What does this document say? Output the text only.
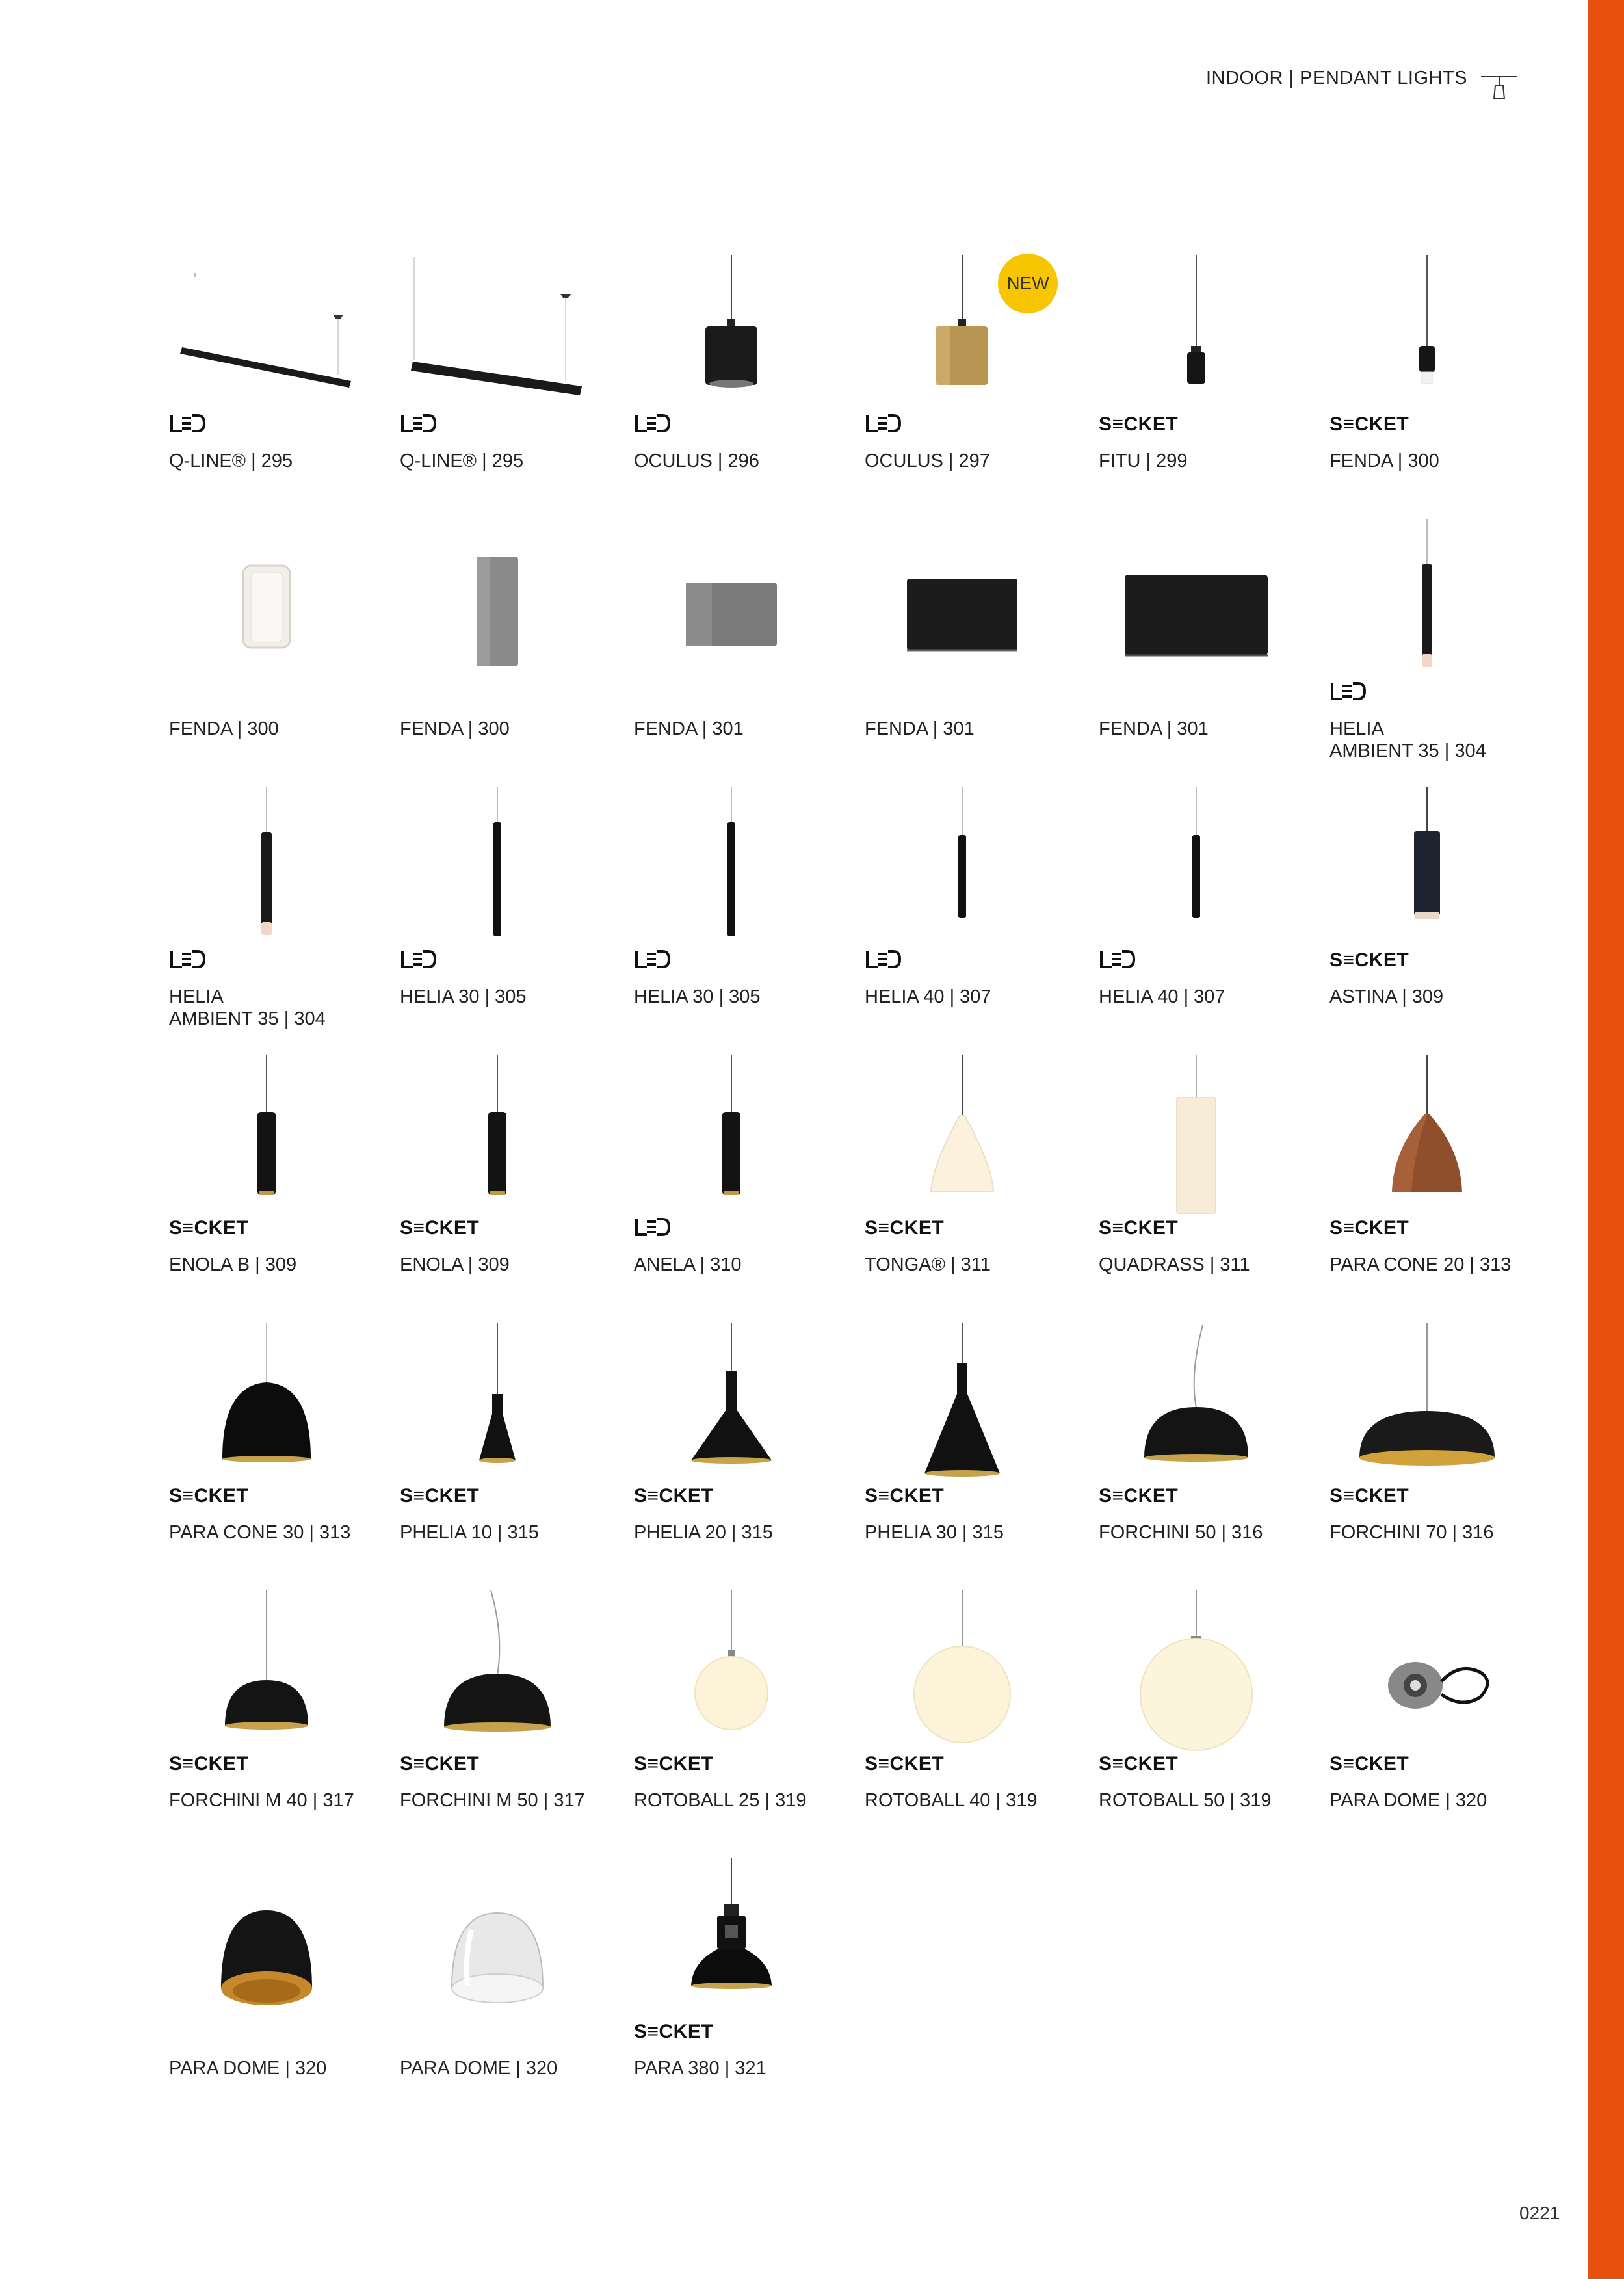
INDOOR | PENDANT LIGHTS
Q-LINE® | 295	Q-LINE® | 295	OCULUS | 296	OCULUS | 297
S≡CKET
FITU | 299
S≡CKET
FENDA | 300
FENDA | 300	FENDA | 300	FENDA | 301	FENDA | 301	FENDA | 301	HELIA
AMBIENT 35 | 304
HELIA
AMBIENT 35 | 304
HELIA 30 | 305	HELIA 30 | 305	HELIA 40 | 307	HELIA 40 | 307
S≡CKET
ASTINA | 309
S≡CKET
ENOLA B | 309
S≡CKET
ENOLA | 309	ANELA | 310
S≡CKET
TONGA® | 311
S≡CKET
QUADRASS | 311
S≡CKET
PARA CONE 20 | 313
S≡CKET
PARA CONE 30 | 313
S≡CKET
PHELIA 10 | 315
S≡CKET
PHELIA 20 | 315
S≡CKET
PHELIA 30 | 315
S≡CKET
FORCHINI 50 | 316
S≡CKET
FORCHINI 70 | 316
S≡CKET
FORCHINI M 40 | 317
S≡CKET
FORCHINI M 50 | 317
S≡CKET
ROTOBALL 25 | 319
S≡CKET
ROTOBALL 40 | 319
S≡CKET
ROTOBALL 50 | 319
S≡CKET
PARA DOME | 320
PARA DOME | 320	PARA DOME | 320
S≡CKET
PARA 380 | 321
NEW
0221
